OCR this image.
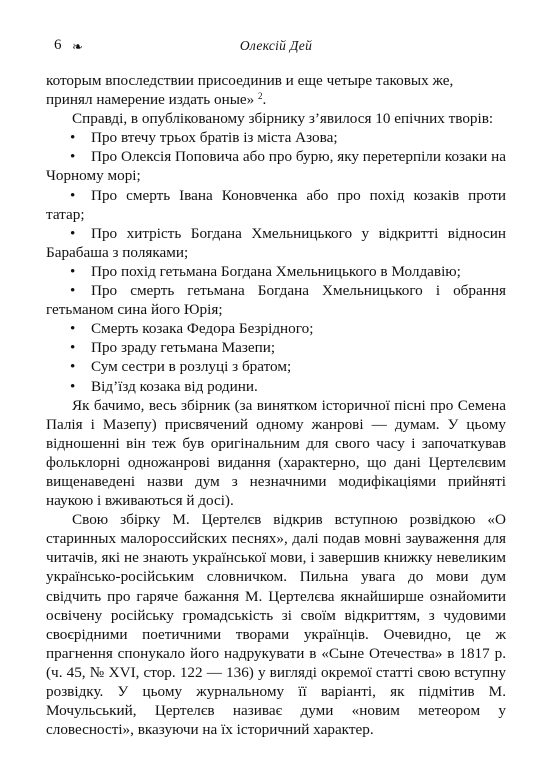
6 ❧	Олексій Дей

которым впоследствии присоединив и еще четыре таковых же,
принял намерение издать оные» $^2$.

Справді, в опублікованому збірнику з’явилося 10 епічних творів:

• Про втечу трьох братів із міста Азова;
• Про Олексія Поповича або про бурю, яку перетерпіли козаки на Чорному морі;
• Про смерть Івана Коновченка або про похід козаків проти татар;
• Про хитрість Богдана Хмельницького у відкритті відносин Барабаша з поляками;
• Про похід гетьмана Богдана Хмельницького в Молдавію;
• Про смерть гетьмана Богдана Хмельницького і обрання гетьманом сина його Юрія;
• Смерть козака Федора Безрідного;
• Про зраду гетьмана Мазепи;
• Сум сестри в розлуці з братом;
• Від’їзд козака від родини.

Як бачимо, весь збірник (за винятком історичної пісні про Семена Палія і Мазепу) присвячений одному жанрові — думам. У цьому відношенні він теж був оригінальним для свого часу і започаткував фольклорні одножанрові видання (характерно, що дані Цертелєвим вищенаведені назви дум з незначними модифікаціями прийняті наукою і вживаються й досі).

Свою збірку М. Цертелєв відкрив вступною розвідкою «О старинных малороссийских песнях», далі подав мовні зауваження для читачів, які не знають української мови, і завершив книжку невеликим українсько-російським словничком. Пильна увага до мови дум свідчить про гаряче бажання М. Цертелєва якнайширше ознайомити освічену російську громадськість зі своїм відкриттям, з чудовими своєрідними поетичними творами українців. Очевидно, це ж прагнення спонукало його надрукувати в «Сыне Отечества» в 1817 р. (ч. 45, № XVI, стор. 122 — 136) у вигляді окремої статті свою вступну розвідку. У цьому журнальному її варіанті, як підмітив М. Мочульський, Цертелєв називає думи «новим метеором у словесності», вказуючи на їх історичний характер.
